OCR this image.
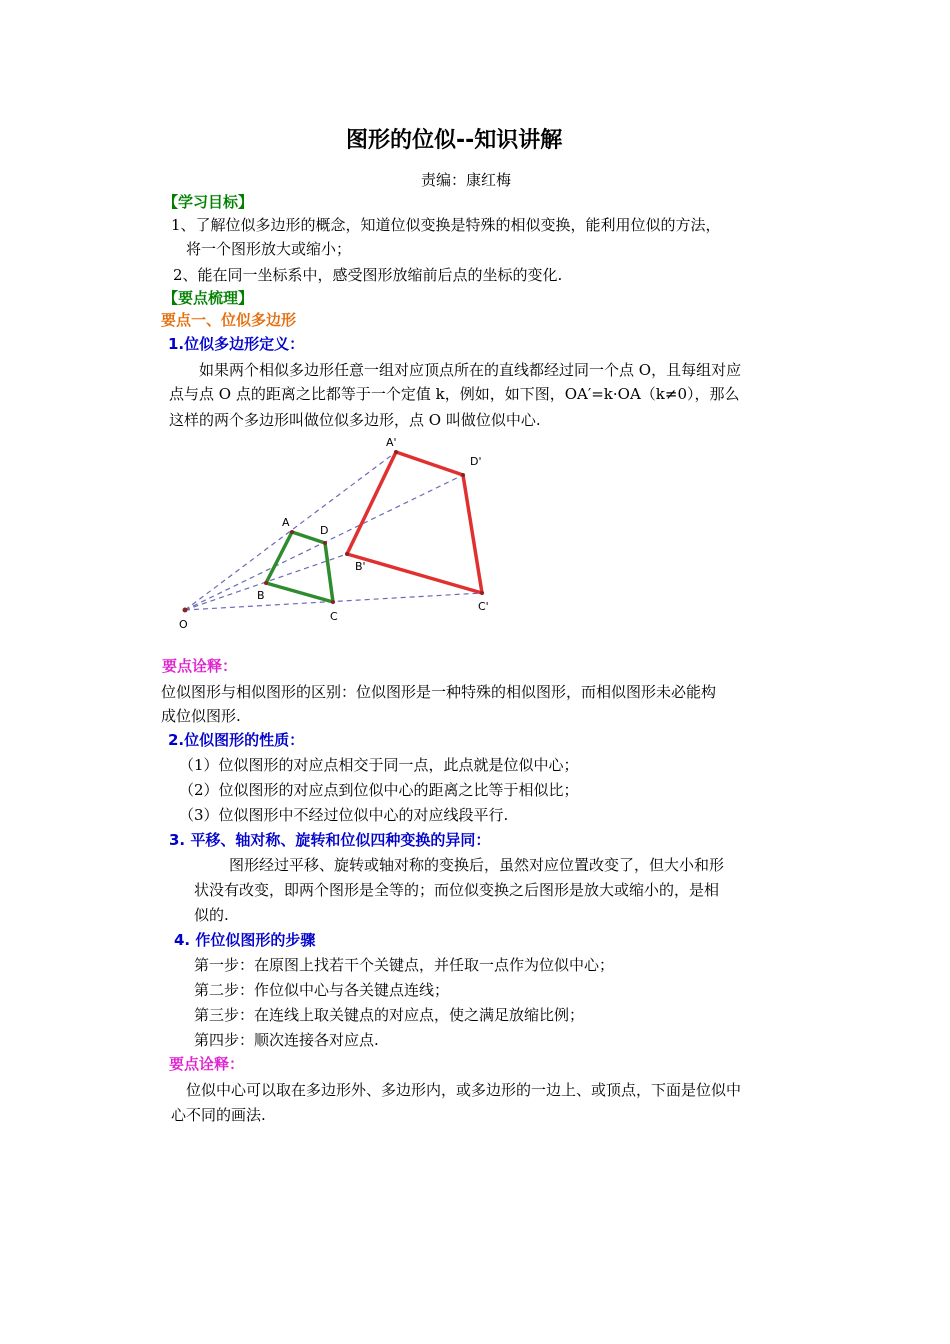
图形的位似--知识讲解
责编：康红梅
【学习目标】
1、了解位似多边形的概念，知道位似变换是特殊的相似变换，能利用位似的方法，
将一个图形放大或缩小；
2、能在同一坐标系中，感受图形放缩前后点的坐标的变化.
【要点梳理】
要点一、位似多边形
1.位似多边形定义：
如果两个相似多边形任意一组对应顶点所在的直线都经过同一个点 O，且每组对应
点与点 O 点的距离之比都等于一个定值 k，例如，如下图，OA′=k·OA（k≠0），那么
这样的两个多边形叫做位似多边形，点 O 叫做位似中心.
O
A
D
B
C
A'
D'
C'
B'
要点诠释：
位似图形与相似图形的区别：位似图形是一种特殊的相似图形，而相似图形未必能构
成位似图形.
2.位似图形的性质：
（1）位似图形的对应点相交于同一点，此点就是位似中心；
（2）位似图形的对应点到位似中心的距离之比等于相似比；
（3）位似图形中不经过位似中心的对应线段平行.
3. 平移、轴对称、旋转和位似四种变换的异同：
图形经过平移、旋转或轴对称的变换后，虽然对应位置改变了，但大小和形
状没有改变，即两个图形是全等的；而位似变换之后图形是放大或缩小的，是相
似的.
4. 作位似图形的步骤
第一步：在原图上找若干个关键点，并任取一点作为位似中心；
第二步：作位似中心与各关键点连线；
第三步：在连线上取关键点的对应点，使之满足放缩比例；
第四步：顺次连接各对应点.
要点诠释：
位似中心可以取在多边形外、多边形内，或多边形的一边上、或顶点，下面是位似中
心不同的画法.
